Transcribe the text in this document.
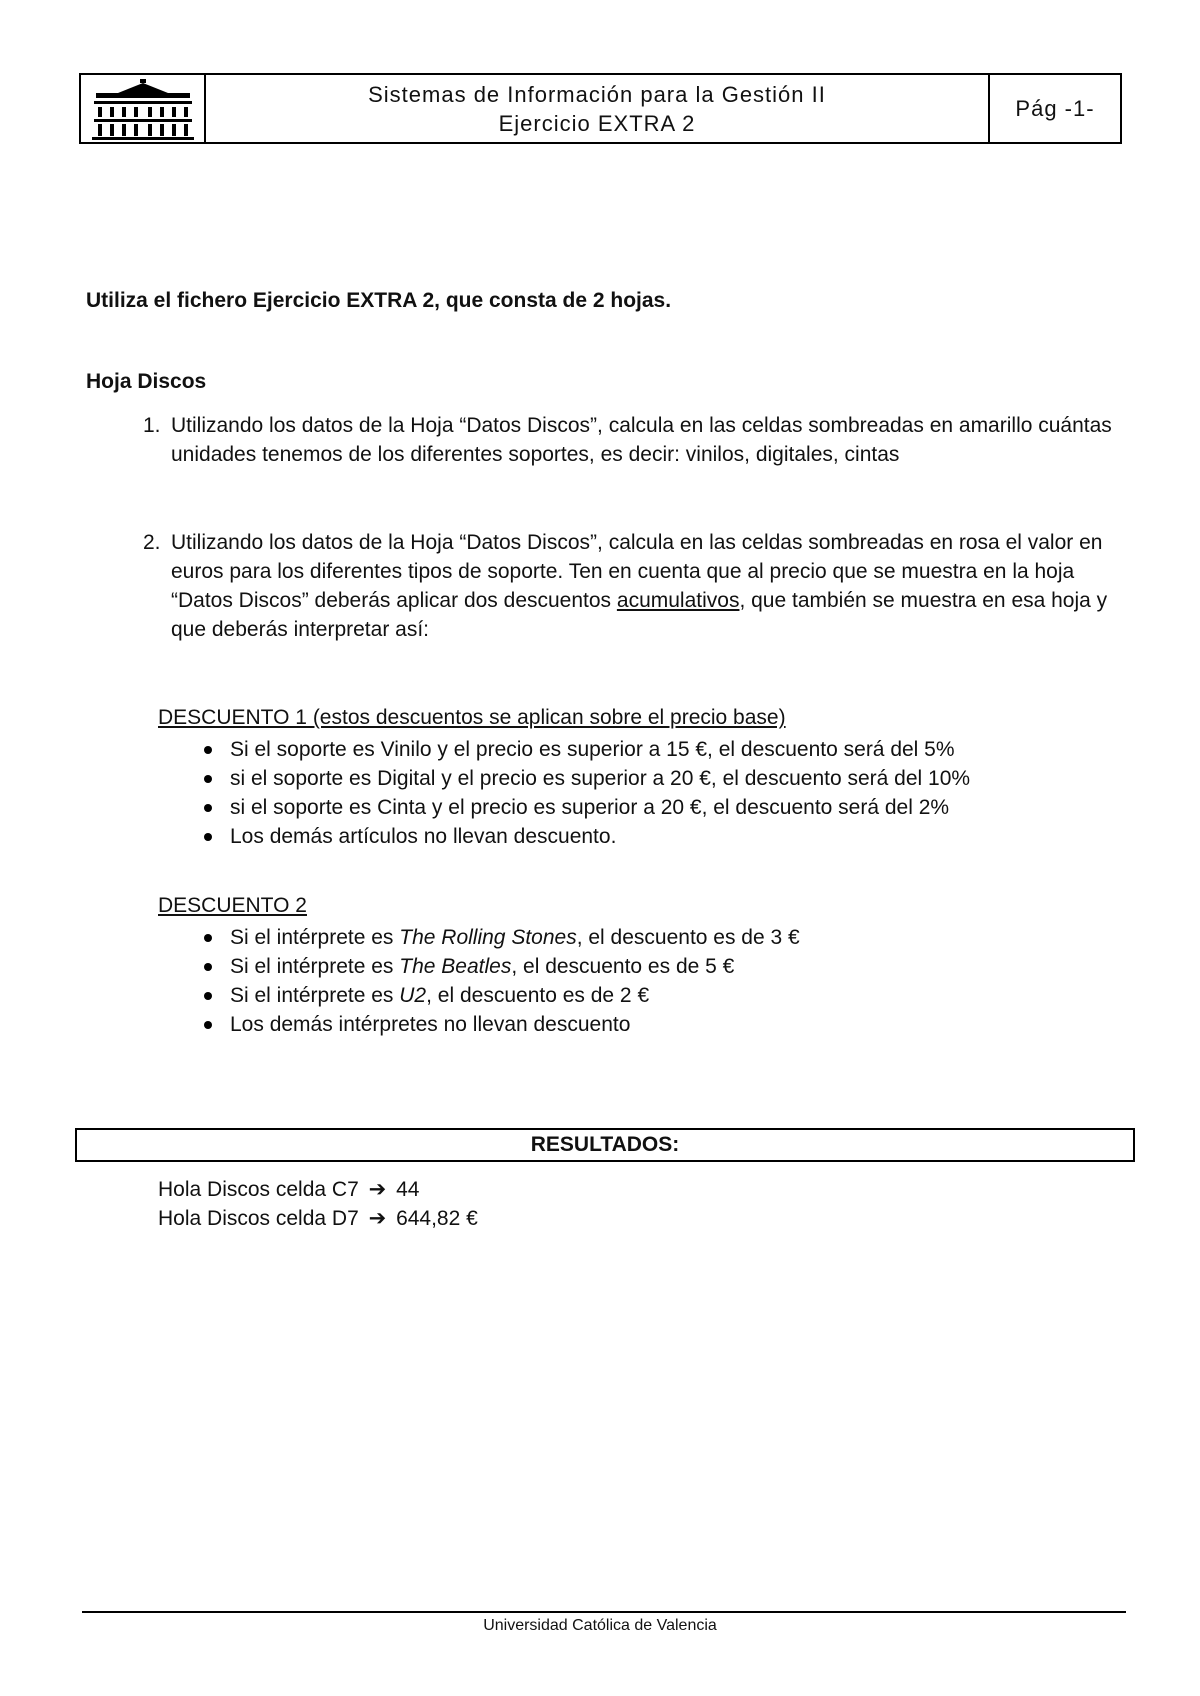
Sistemas de Información para la Gestión II
Ejercicio EXTRA 2
Pág -1-
Utiliza el fichero Ejercicio EXTRA 2, que consta de 2 hojas.
Hoja Discos
1. Utilizando los datos de la Hoja “Datos Discos”, calcula en las celdas sombreadas en amarillo cuántas unidades tenemos de los diferentes soportes, es decir: vinilos, digitales, cintas
2. Utilizando los datos de la Hoja “Datos Discos”, calcula en las celdas sombreadas en rosa el valor en euros para los diferentes tipos de soporte. Ten en cuenta que al precio que se muestra en la hoja “Datos Discos” deberás aplicar dos descuentos acumulativos, que también se muestra en esa hoja y que deberás interpretar así:
DESCUENTO 1 (estos descuentos se aplican sobre el precio base)
Si el soporte es Vinilo y el precio es superior a 15 €, el descuento será del 5%
si el soporte es Digital y el precio es superior a 20 €, el descuento será del 10%
si el soporte es Cinta y el precio es superior a 20 €, el descuento será del 2%
Los demás artículos no llevan descuento.
DESCUENTO 2
Si el intérprete es The Rolling Stones, el descuento es de 3 €
Si el intérprete es The Beatles, el descuento es de 5 €
Si el intérprete es U2, el descuento es de 2 €
Los demás intérpretes no llevan descuento
RESULTADOS:
Hola Discos celda C7 ➔ 44
Hola Discos celda D7 ➔ 644,82 €
Universidad Católica de Valencia
